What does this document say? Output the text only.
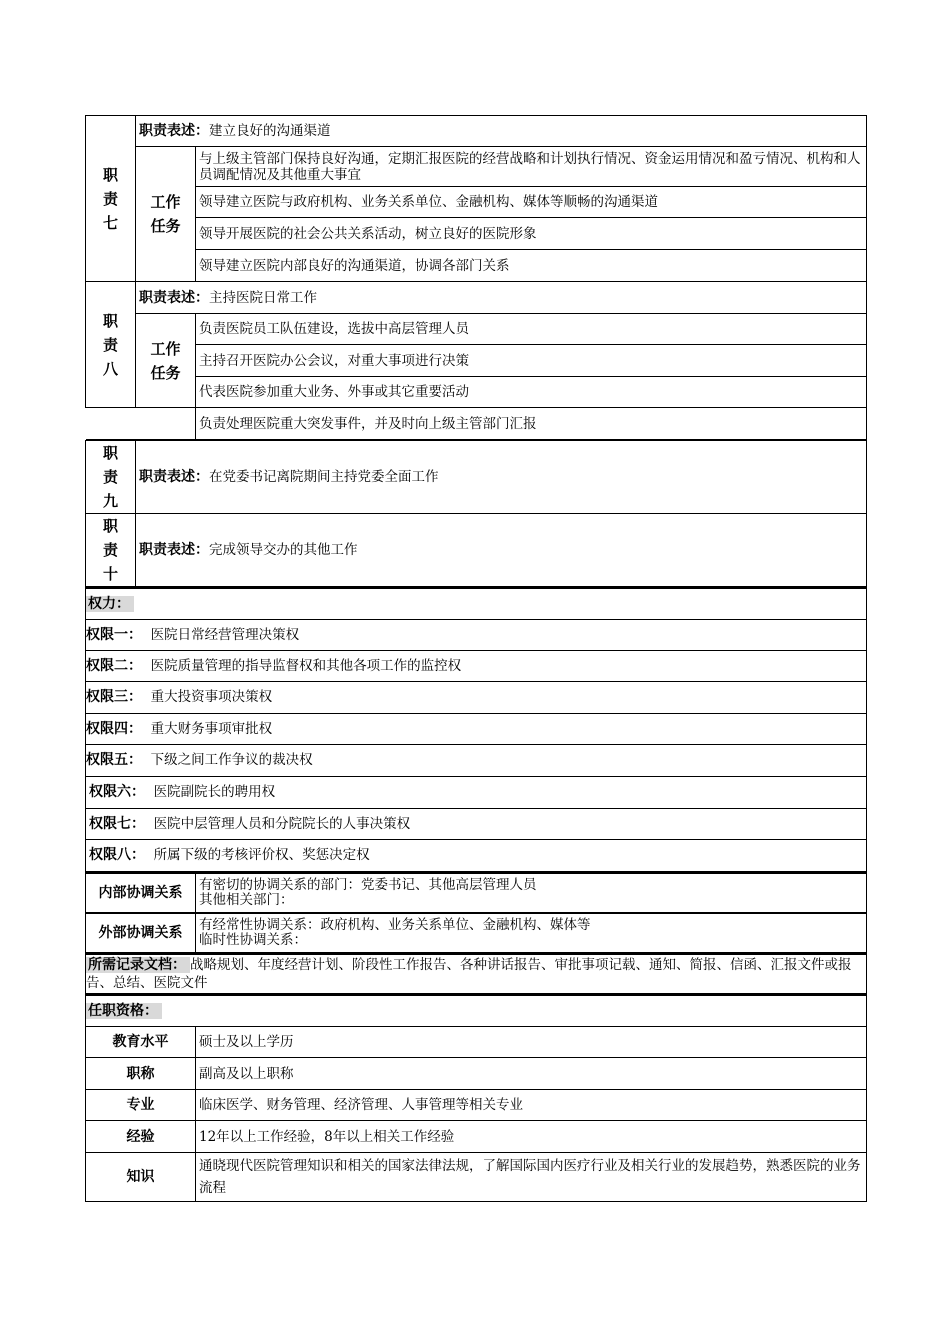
职
责
七	职责表述：建立良好的沟通渠道	
	工作
任务	与上级主管部门保持良好沟通，定期汇报医院的经营战略和计划执行情况、资金运用情况和盈亏情况、机构和人员调配情况及其他重大事宜
		领导建立医院与政府机构、业务关系单位、金融机构、媒体等顺畅的沟通渠道
		领导开展医院的社会公共关系活动，树立良好的医院形象
		领导建立医院内部良好的沟通渠道，协调各部门关系
职
责
八	职责表述：主持医院日常工作	
	工作
任务	负责医院员工队伍建设，选拔中高层管理人员
		主持召开医院办公会议，对重大事项进行决策
		代表医院参加重大业务、外事或其它重要活动
		负责处理医院重大突发事件，并及时向上级主管部门汇报
职
责
九	职责表述：在党委书记离院期间主持党委全面工作
职
责
十	职责表述：完成领导交办的其他工作
权力：
权限一： 医院日常经营管理决策权
权限二： 医院质量管理的指导监督权和其他各项工作的监控权
权限三： 重大投资事项决策权
权限四： 重大财务事项审批权
权限五： 下级之间工作争议的裁决权
权限六： 医院副院长的聘用权
权限七： 医院中层管理人员和分院院长的人事决策权
权限八： 所属下级的考核评价权、奖惩决定权
内部协调关系	有密切的协调关系的部门：党委书记、其他高层管理人员
其他相关部门：

外部协调关系	有经常性协调关系：政府机构、业务关系单位、金融机构、媒体等
临时性协调关系：
所需记录文档： 战略规划、年度经营计划、阶段性工作报告、各种讲话报告、审批事项记载、通知、简报、信函、汇报文件或报告、总结、医院文件
任职资格：	
教育水平	硕士及以上学历
职称	副高及以上职称
专业	临床医学、财务管理、经济管理、人事管理等相关专业
经验	12年以上工作经验，8年以上相关工作经验
知识	通晓现代医院管理知识和相关的国家法律法规，了解国际国内医疗行业及相关行业的发展趋势，熟悉医院的业务流程
